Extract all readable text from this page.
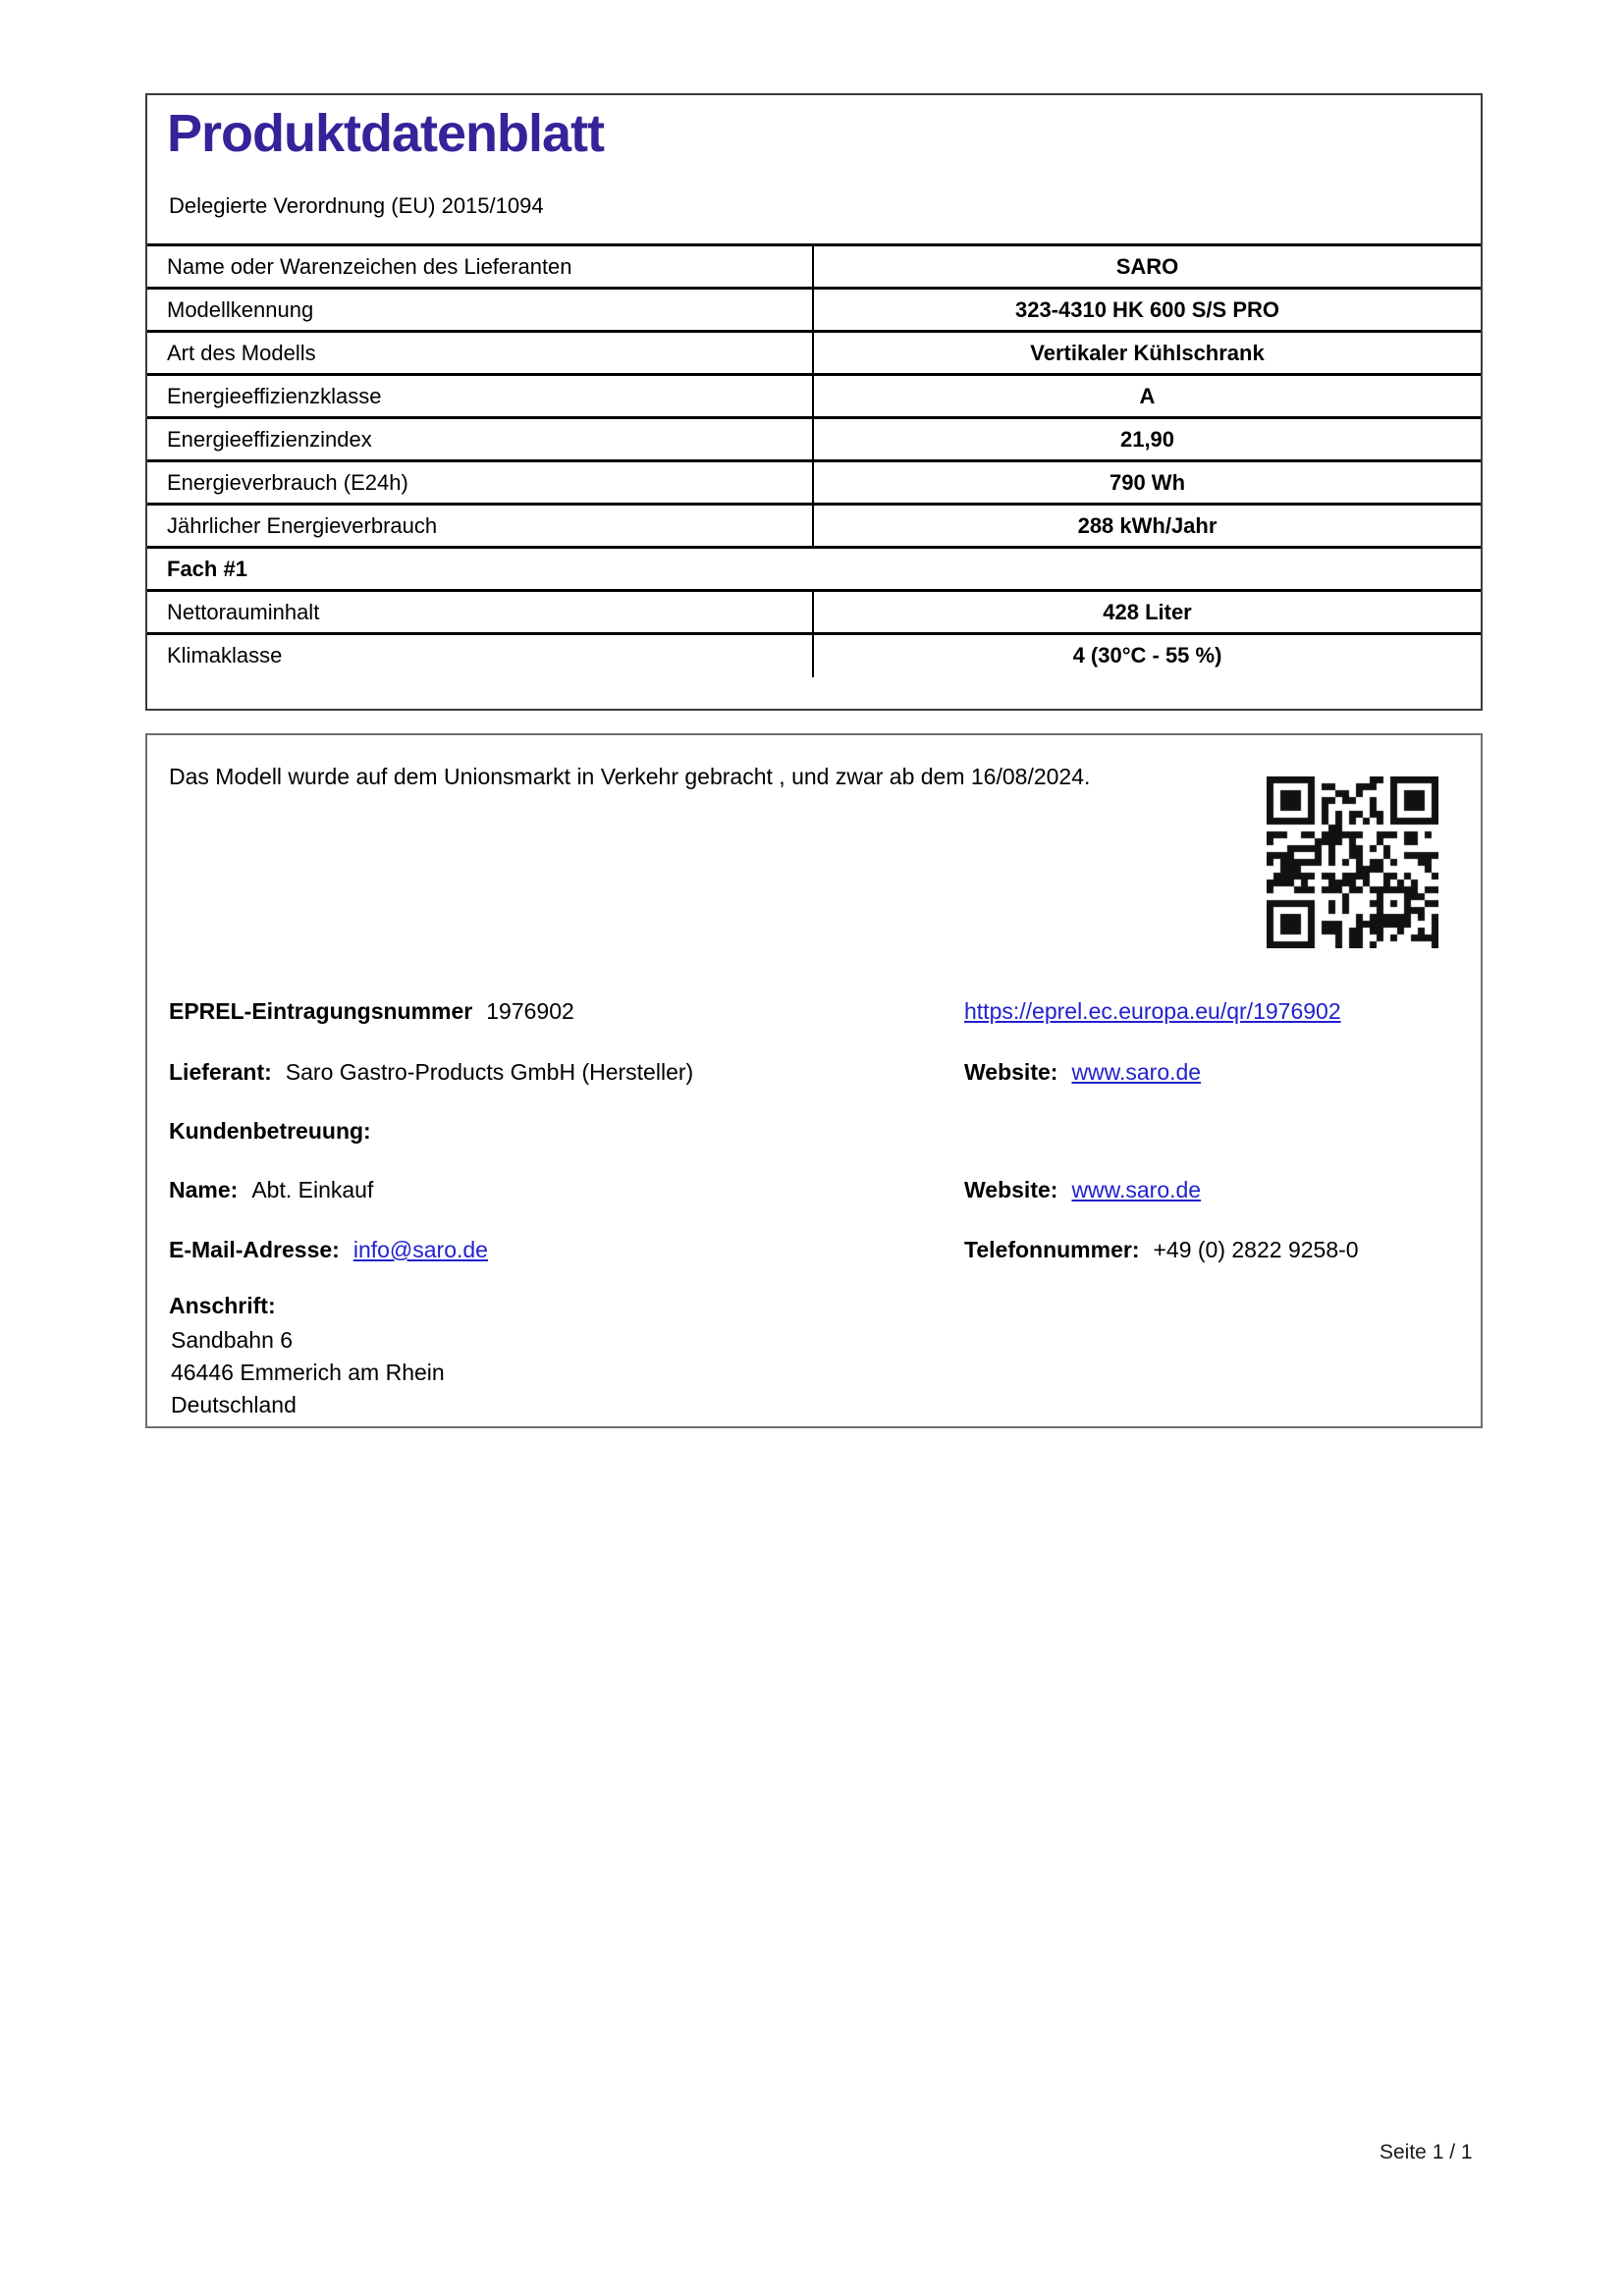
Produktdatenblatt
Delegierte Verordnung (EU) 2015/1094
Name oder Warenzeichen des Lieferanten	SARO
Modellkennung	323-4310 HK 600 S/S PRO
Art des Modells	Vertikaler Kühlschrank
Energieeffizienzklasse	A
Energieeffizienzindex	21,90
Energieverbrauch (E24h)	790 Wh
Jährlicher Energieverbrauch	288 kWh/Jahr
Fach #1	
Nettorauminhalt	428 Liter
Klimaklasse	4 (30°C - 55 %)

Das Modell wurde auf dem Unionsmarkt in Verkehr gebracht , und zwar ab dem 16/08/2024.

EPREL-Eintragungsnummer 1976902	https://eprel.ec.europa.eu/qr/1976902
Lieferant: Saro Gastro-Products GmbH (Hersteller)	Website: www.saro.de
Kundenbetreuung:
Name: Abt. Einkauf	Website: www.saro.de
E-Mail-Adresse: info@saro.de	Telefonnummer: +49 (0) 2822 9258-0
Anschrift:
Sandbahn 6
46446 Emmerich am Rhein
Deutschland
Seite 1 / 1
